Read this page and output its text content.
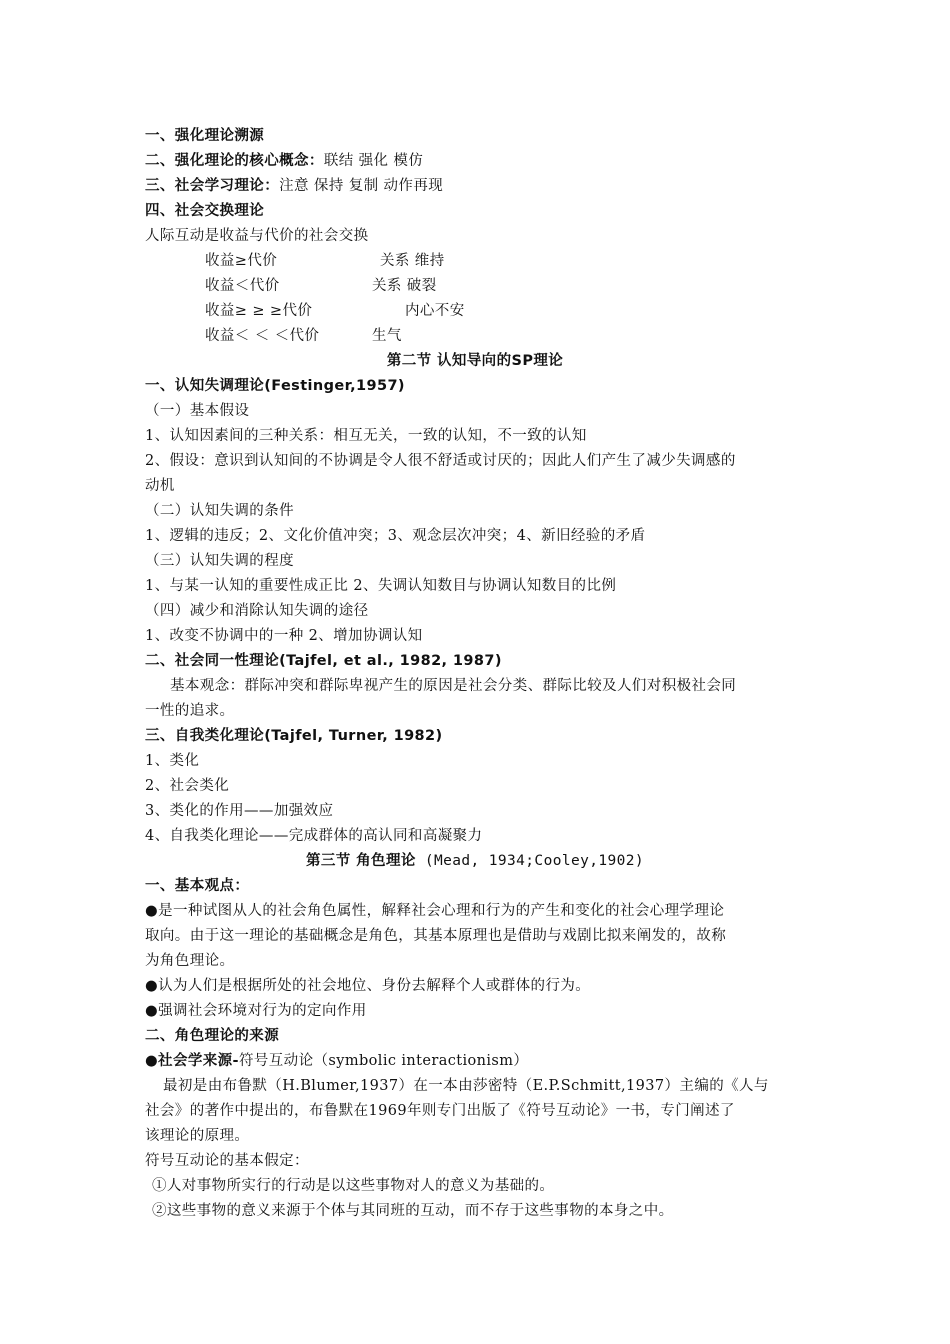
一、强化理论溯源
二、强化理论的核心概念：联结 强化 模仿
三、社会学习理论：注意 保持 复制 动作再现
四、社会交换理论
人际互动是收益与代价的社会交换
收益≥代价	关系 维持
收益＜代价	关系 破裂
收益≥ ≥ ≥代价	内心不安
收益＜ ＜ ＜代价	生气
第二节 认知导向的SP理论
一、认知失调理论(Festinger,1957)
（一）基本假设
1、认知因素间的三种关系：相互无关，一致的认知，不一致的认知
2、假设：意识到认知间的不协调是令人很不舒适或讨厌的；因此人们产生了减少失调感的
动机
（二）认知失调的条件
1、逻辑的违反；2、文化价值冲突；3、观念层次冲突；4、新旧经验的矛盾
（三）认知失调的程度
1、与某一认知的重要性成正比 2、失调认知数目与协调认知数目的比例
（四）减少和消除认知失调的途径
1、改变不协调中的一种 2、增加协调认知
二、社会同一性理论(Tajfel, et al., 1982, 1987)
基本观念：群际冲突和群际卑视产生的原因是社会分类、群际比较及人们对积极社会同
一性的追求。
三、自我类化理论(Tajfel, Turner, 1982)
1、类化
2、社会类化
3、类化的作用——加强效应
4、自我类化理论——完成群体的高认同和高凝聚力
第三节 角色理论 (Mead, 1934;Cooley,1902)
一、基本观点：
●是一种试图从人的社会角色属性，解释社会心理和行为的产生和变化的社会心理学理论
取向。由于这一理论的基础概念是角色，其基本原理也是借助与戏剧比拟来阐发的，故称
为角色理论。
●认为人们是根据所处的社会地位、身份去解释个人或群体的行为。
●强调社会环境对行为的定向作用
二、角色理论的来源
●社会学来源-符号互动论（symbolic interactionism）
最初是由布鲁默（H.Blumer,1937）在一本由莎密特（E.P.Schmitt,1937）主编的《人与
社会》的著作中提出的，布鲁默在1969年则专门出版了《符号互动论》一书，专门阐述了
该理论的原理。
符号互动论的基本假定：
①人对事物所实行的行动是以这些事物对人的意义为基础的。
②这些事物的意义来源于个体与其同班的互动，而不存于这些事物的本身之中。
